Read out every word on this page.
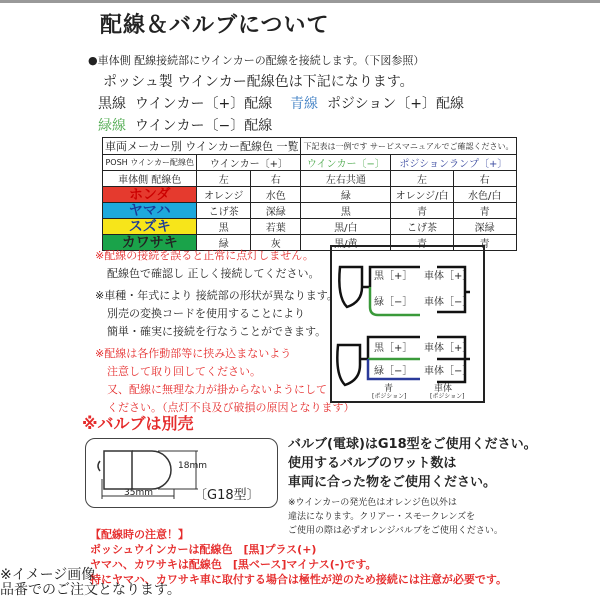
配線＆バルブについて
●車体側 配線接続部にウインカーの配線を接続します。（下図参照）
ポッシュ製 ウインカー配線色は下記になります。
黒線 ウインカー〔+〕配線 青線 ポジション〔+〕配線
緑線 ウインカー〔−〕配線
車両メーカー別 ウインカー配線色 一覧			下記表は一例です サービスマニュアルでご確認ください。		
POSH ウインカー配線色	ウインカー〔+〕		ウインカー〔−〕	ポジションランプ〔+〕	
車体側 配線色	左	右	左右共通	左	右
ホンダ	オレンジ	水色	緑	オレンジ/白	水色/白
ヤマハ	こげ茶	深緑	黒	青	青
スズキ	黒	若葉	黒/白	こげ茶	深緑
カワサキ	緑	灰	黒/黄	青	青
※配線の接続を誤ると正常に点灯しません。
配線色で確認し 正しく接続してください。
※車種・年式により 接続部の形状が異なります。
別売の変換コードを使用することにより
簡単・確実に接続を行なうことができます。
※配線は各作動部等に挟み込まないよう
注意して取り回してください。
又、配線に無理な力が掛からないようにして
ください。（点灯不良及び破損の原因となります）
黒［+］ 車体［+］
緑［−］ 車体［−］
黒［+］ 車体［+］
緑［−］ 車体［−］
青	車体
[ポジション]	[ポジション]
※バルブは別売
18mm
35mm	〔G18型〕
バルブ(電球)はG18型をご使用ください。
使用するバルブのワット数は
車両に合った物をご使用ください。
※ウインカーの発光色はオレンジ色以外は
違法になります。クリアー・スモークレンズを
ご使用の際は必ずオレンジバルブをご使用ください。
【配線時の注意！】
ポッシュウインカーは配線色　[黒]プラス(+)
ヤマハ、カワサキは配線色　[黒ベース]マイナス(-)です。
特にヤマハ、カワサキ車に取付する場合は極性が逆のため接続には注意が必要です。
※イメージ画像
品番でのご注文となります。
